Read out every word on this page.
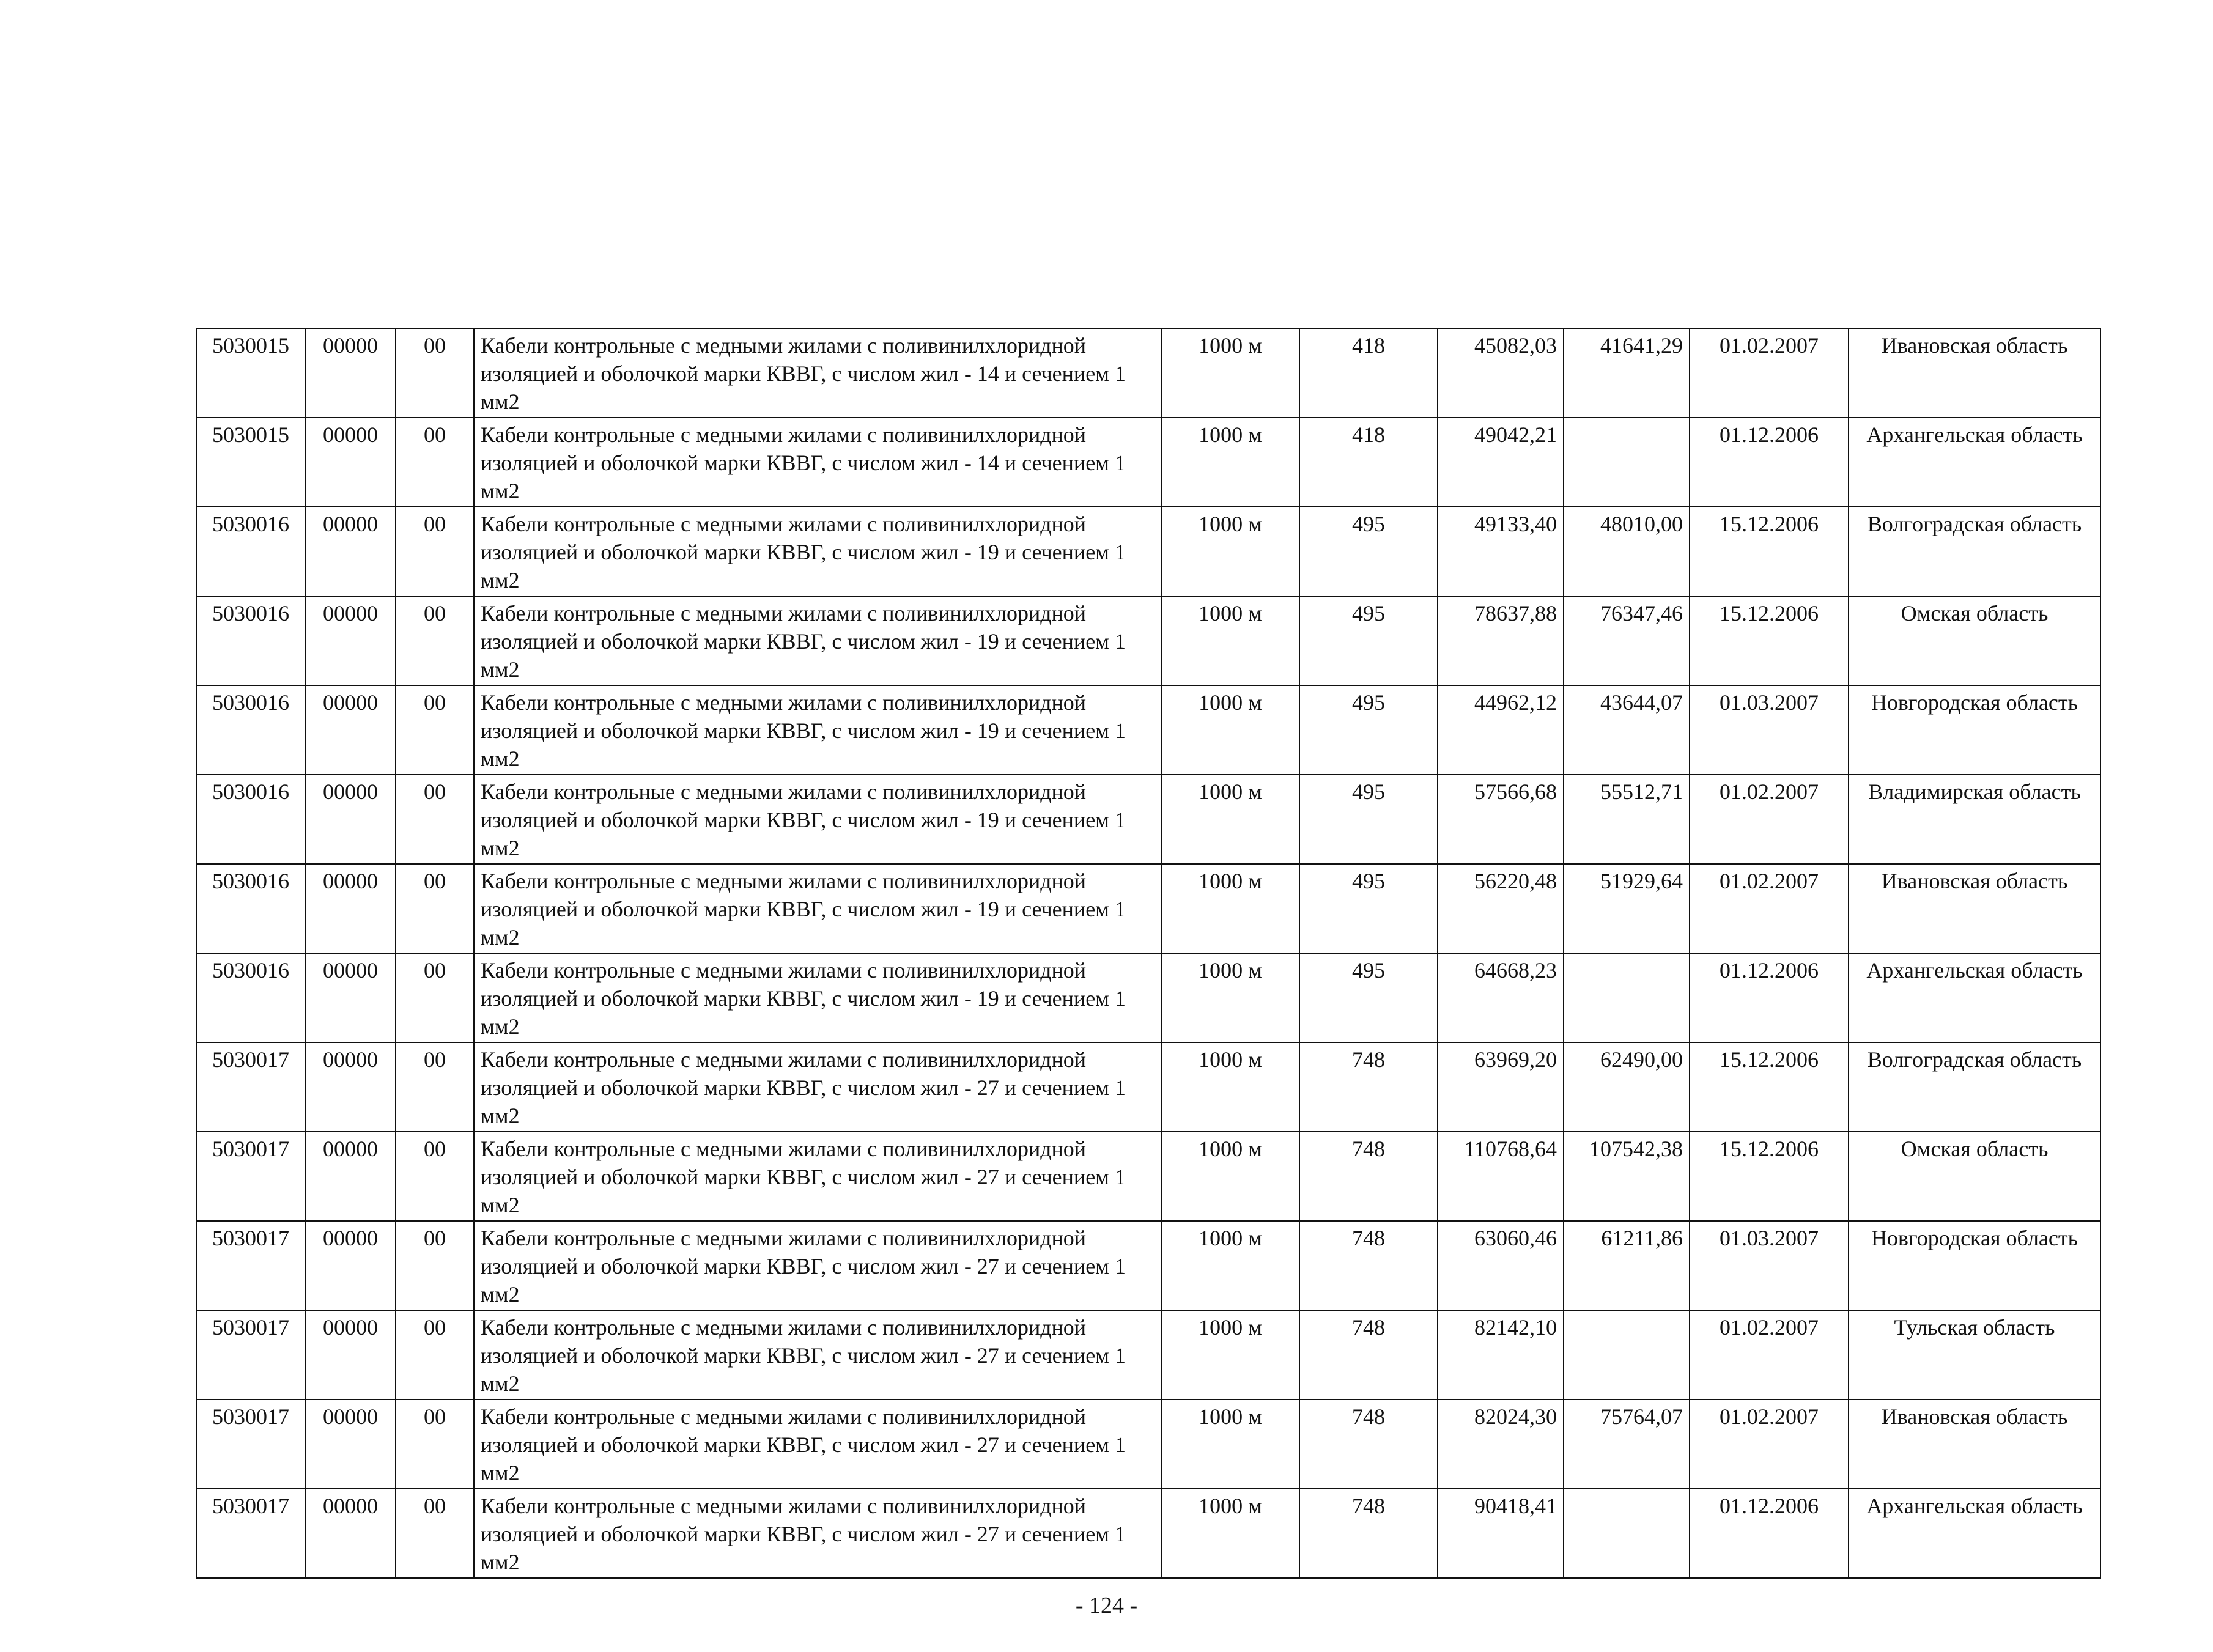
5030015	00000	00	Кабели контрольные с медными жилами с поливинилхлоридной изоляцией и оболочкой марки КВВГ, с числом жил - 14 и сечением 1 мм2	1000 м	418	45082,03	41641,29	01.02.2007	Ивановская область
5030015	00000	00	Кабели контрольные с медными жилами с поливинилхлоридной изоляцией и оболочкой марки КВВГ, с числом жил - 14 и сечением 1 мм2	1000 м	418	49042,21		01.12.2006	Архангельская область
5030016	00000	00	Кабели контрольные с медными жилами с поливинилхлоридной изоляцией и оболочкой марки КВВГ, с числом жил - 19 и сечением 1 мм2	1000 м	495	49133,40	48010,00	15.12.2006	Волгоградская область
5030016	00000	00	Кабели контрольные с медными жилами с поливинилхлоридной изоляцией и оболочкой марки КВВГ, с числом жил - 19 и сечением 1 мм2	1000 м	495	78637,88	76347,46	15.12.2006	Омская область
5030016	00000	00	Кабели контрольные с медными жилами с поливинилхлоридной изоляцией и оболочкой марки КВВГ, с числом жил - 19 и сечением 1 мм2	1000 м	495	44962,12	43644,07	01.03.2007	Новгородская область
5030016	00000	00	Кабели контрольные с медными жилами с поливинилхлоридной изоляцией и оболочкой марки КВВГ, с числом жил - 19 и сечением 1 мм2	1000 м	495	57566,68	55512,71	01.02.2007	Владимирская область
5030016	00000	00	Кабели контрольные с медными жилами с поливинилхлоридной изоляцией и оболочкой марки КВВГ, с числом жил - 19 и сечением 1 мм2	1000 м	495	56220,48	51929,64	01.02.2007	Ивановская область
5030016	00000	00	Кабели контрольные с медными жилами с поливинилхлоридной изоляцией и оболочкой марки КВВГ, с числом жил - 19 и сечением 1 мм2	1000 м	495	64668,23		01.12.2006	Архангельская область
5030017	00000	00	Кабели контрольные с медными жилами с поливинилхлоридной изоляцией и оболочкой марки КВВГ, с числом жил - 27 и сечением 1 мм2	1000 м	748	63969,20	62490,00	15.12.2006	Волгоградская область
5030017	00000	00	Кабели контрольные с медными жилами с поливинилхлоридной изоляцией и оболочкой марки КВВГ, с числом жил - 27 и сечением 1 мм2	1000 м	748	110768,64	107542,38	15.12.2006	Омская область
5030017	00000	00	Кабели контрольные с медными жилами с поливинилхлоридной изоляцией и оболочкой марки КВВГ, с числом жил - 27 и сечением 1 мм2	1000 м	748	63060,46	61211,86	01.03.2007	Новгородская область
5030017	00000	00	Кабели контрольные с медными жилами с поливинилхлоридной изоляцией и оболочкой марки КВВГ, с числом жил - 27 и сечением 1 мм2	1000 м	748	82142,10		01.02.2007	Тульская область
5030017	00000	00	Кабели контрольные с медными жилами с поливинилхлоридной изоляцией и оболочкой марки КВВГ, с числом жил - 27 и сечением 1 мм2	1000 м	748	82024,30	75764,07	01.02.2007	Ивановская область
5030017	00000	00	Кабели контрольные с медными жилами с поливинилхлоридной изоляцией и оболочкой марки КВВГ, с числом жил - 27 и сечением 1 мм2	1000 м	748	90418,41		01.12.2006	Архангельская область
- 124 -
